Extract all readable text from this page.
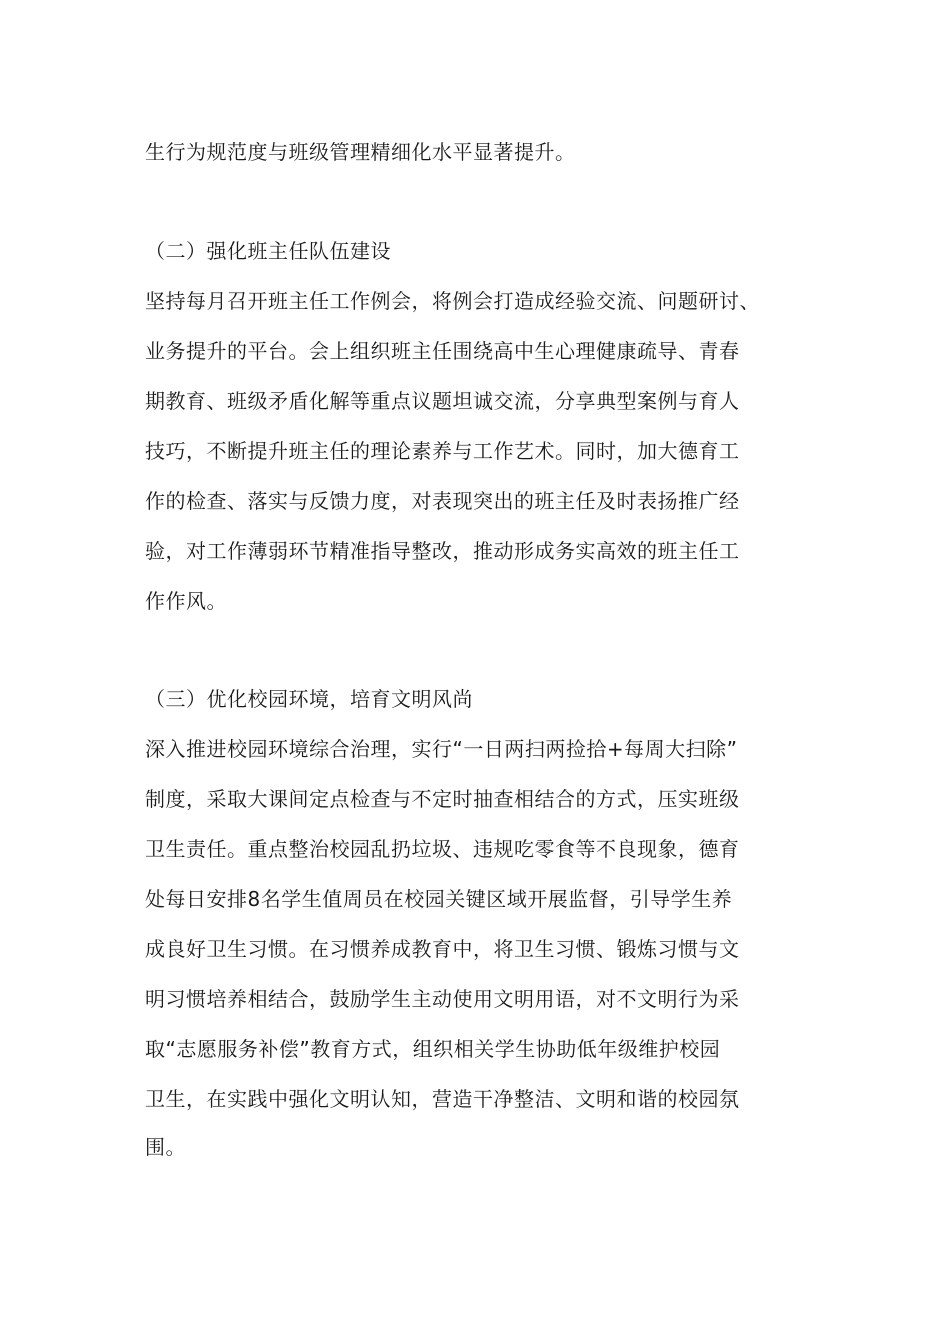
生行为规范度与班级管理精细化水平显著提升。
（二）强化班主任队伍建设
坚持每月召开班主任工作例会，将例会打造成经验交流、问题研讨、
业务提升的平台。会上组织班主任围绕高中生心理健康疏导、青春
期教育、班级矛盾化解等重点议题坦诚交流，分享典型案例与育人
技巧，不断提升班主任的理论素养与工作艺术。同时，加大德育工
作的检查、落实与反馈力度，对表现突出的班主任及时表扬推广经
验，对工作薄弱环节精准指导整改，推动形成务实高效的班主任工
作作风。
（三）优化校园环境，培育文明风尚
深入推进校园环境综合治理，实行“一日两扫两捡拾+每周大扫除”
制度，采取大课间定点检查与不定时抽查相结合的方式，压实班级
卫生责任。重点整治校园乱扔垃圾、违规吃零食等不良现象，德育
处每日安排8名学生值周员在校园关键区域开展监督，引导学生养
成良好卫生习惯。在习惯养成教育中，将卫生习惯、锻炼习惯与文
明习惯培养相结合，鼓励学生主动使用文明用语，对不文明行为采
取“志愿服务补偿”教育方式，组织相关学生协助低年级维护校园
卫生，在实践中强化文明认知，营造干净整洁、文明和谐的校园氛
围。
